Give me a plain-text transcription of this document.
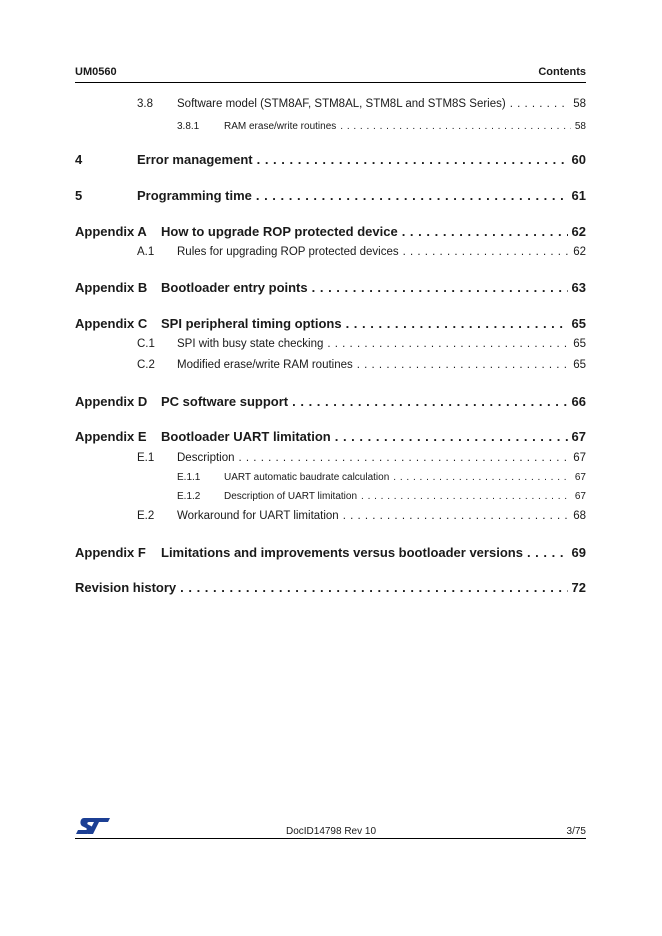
UM0560	Contents
3.8	Software model (STM8AF, STM8AL, STM8L and STM8S Series) . . .	58
3.8.1	RAM erase/write routines . . .	58
4	Error management . . .	60
5	Programming time . . .	61
Appendix A	How to upgrade ROP protected device . . .	62
A.1	Rules for upgrading ROP protected devices . . .	62
Appendix B	Bootloader entry points . . .	63
Appendix C	SPI peripheral timing options . . .	65
C.1	SPI with busy state checking . . .	65
C.2	Modified erase/write RAM routines . . .	65
Appendix D	PC software support . . .	66
Appendix E	Bootloader UART limitation . . .	67
E.1	Description . . .	67
E.1.1	UART automatic baudrate calculation . . .	67
E.1.2	Description of UART limitation . . .	67
E.2	Workaround for UART limitation . . .	68
Appendix F	Limitations and improvements versus bootloader versions . . .	69
Revision history . . .	72
DocID14798 Rev 10	3/75
